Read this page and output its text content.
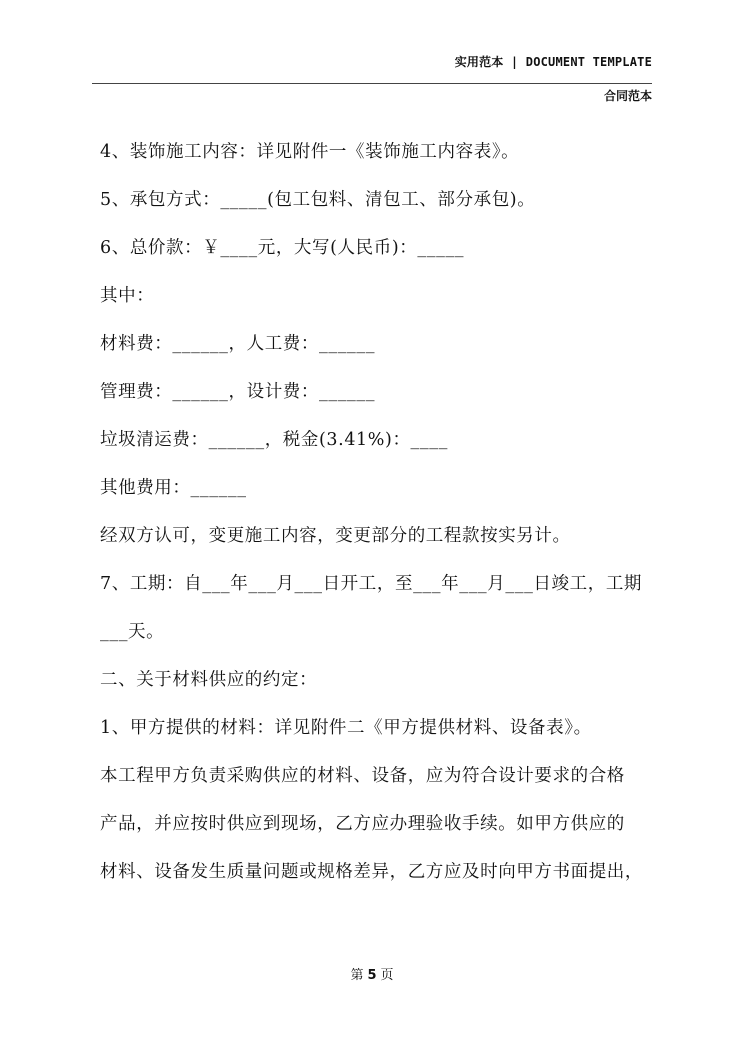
实用范本 | DOCUMENT TEMPLATE
合同范本
4、装饰施工内容：详见附件一《装饰施工内容表》。
5、承包方式：_____(包工包料、清包工、部分承包)。
6、总价款：￥____元，大写(人民币)：_____
其中：
材料费：______，人工费：______
管理费：______，设计费：______
垃圾清运费：______，税金(3.41%)：____
其他费用：______
经双方认可，变更施工内容，变更部分的工程款按实另计。
7、工期：自___年___月___日开工，至___年___月___日竣工，工期
___天。
二、关于材料供应的约定：
1、甲方提供的材料：详见附件二《甲方提供材料、设备表》。
本工程甲方负责采购供应的材料、设备，应为符合设计要求的合格
产品，并应按时供应到现场，乙方应办理验收手续。如甲方供应的
材料、设备发生质量问题或规格差异，乙方应及时向甲方书面提出，
第 5 页
